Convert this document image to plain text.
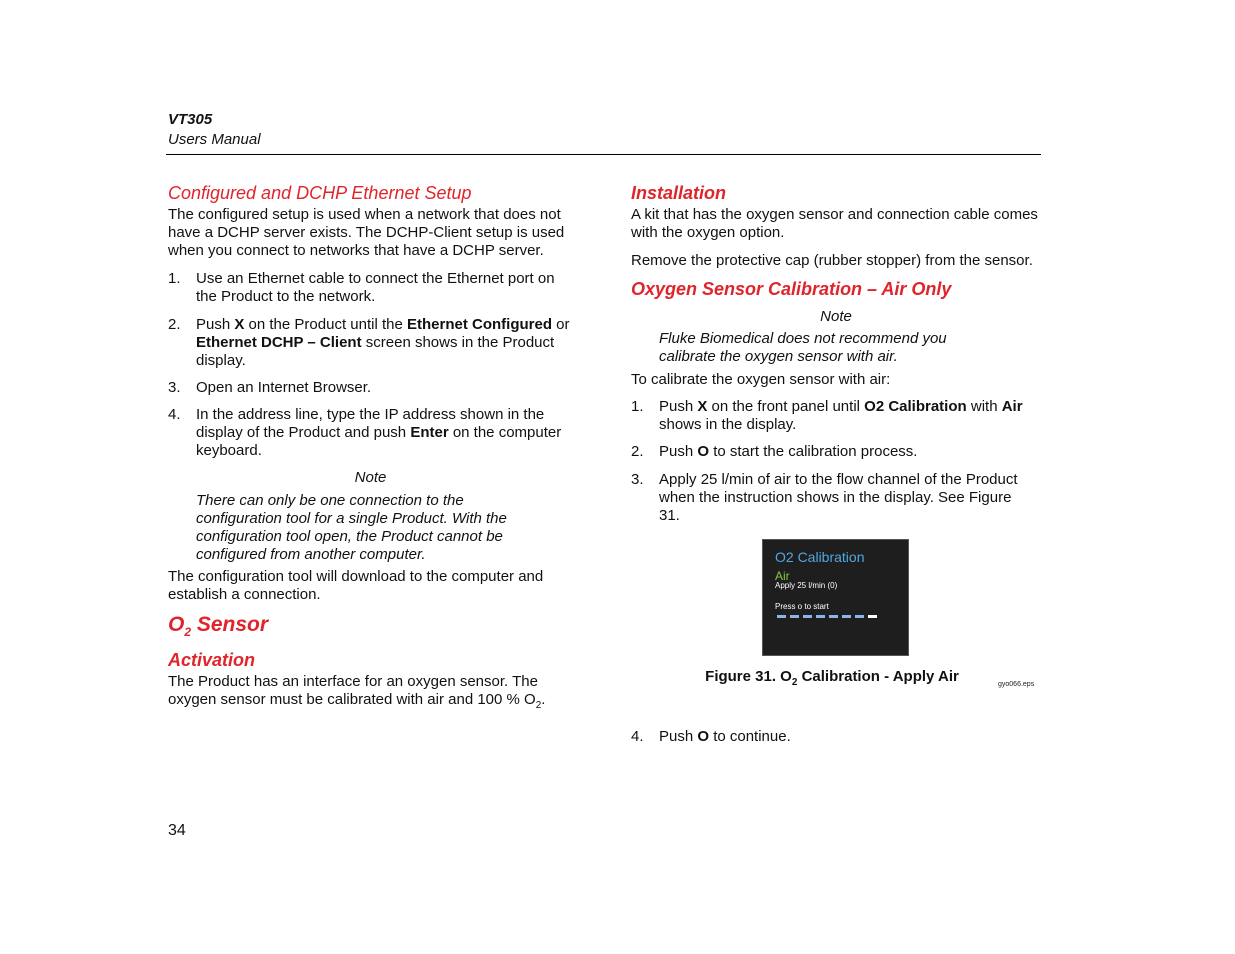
VT305
Users Manual
Configured and DCHP Ethernet Setup

The configured setup is used when a network that does not have a DCHP server exists. The DCHP-Client setup is used when you connect to networks that have a DCHP server.

1. Use an Ethernet cable to connect the Ethernet port on the Product to the network.
2. Push X on the Product until the Ethernet Configured or Ethernet DCHP – Client screen shows in the Product display.
3. Open an Internet Browser.
4. In the address line, type the IP address shown in the display of the Product and push Enter on the computer keyboard.
Note
There can only be one connection to the configuration tool for a single Product. With the configuration tool open, the Product cannot be configured from another computer.

The configuration tool will download to the computer and establish a connection.

$O_2$ Sensor
Activation

The Product has an interface for an oxygen sensor. The oxygen sensor must be calibrated with air and 100 % $O_2$.

Installation

A kit that has the oxygen sensor and connection cable comes with the oxygen option.

Remove the protective cap (rubber stopper) from the sensor.

Oxygen Sensor Calibration – Air Only
Note
Fluke Biomedical does not recommend you calibrate the oxygen sensor with air.

To calibrate the oxygen sensor with air:

1. Push X on the front panel until O2 Calibration with Air shows in the display.
2. Push O to start the calibration process.
3. Apply 25 l/min of air to the flow channel of the Product when the instruction shows in the display. See Figure 31.
O2 Calibration
Air
Apply 25 l/min (0)
Press o to start
Figure 31. $O_2$ Calibration - Apply Air
4. Push O to continue.
gyo066.eps
34
